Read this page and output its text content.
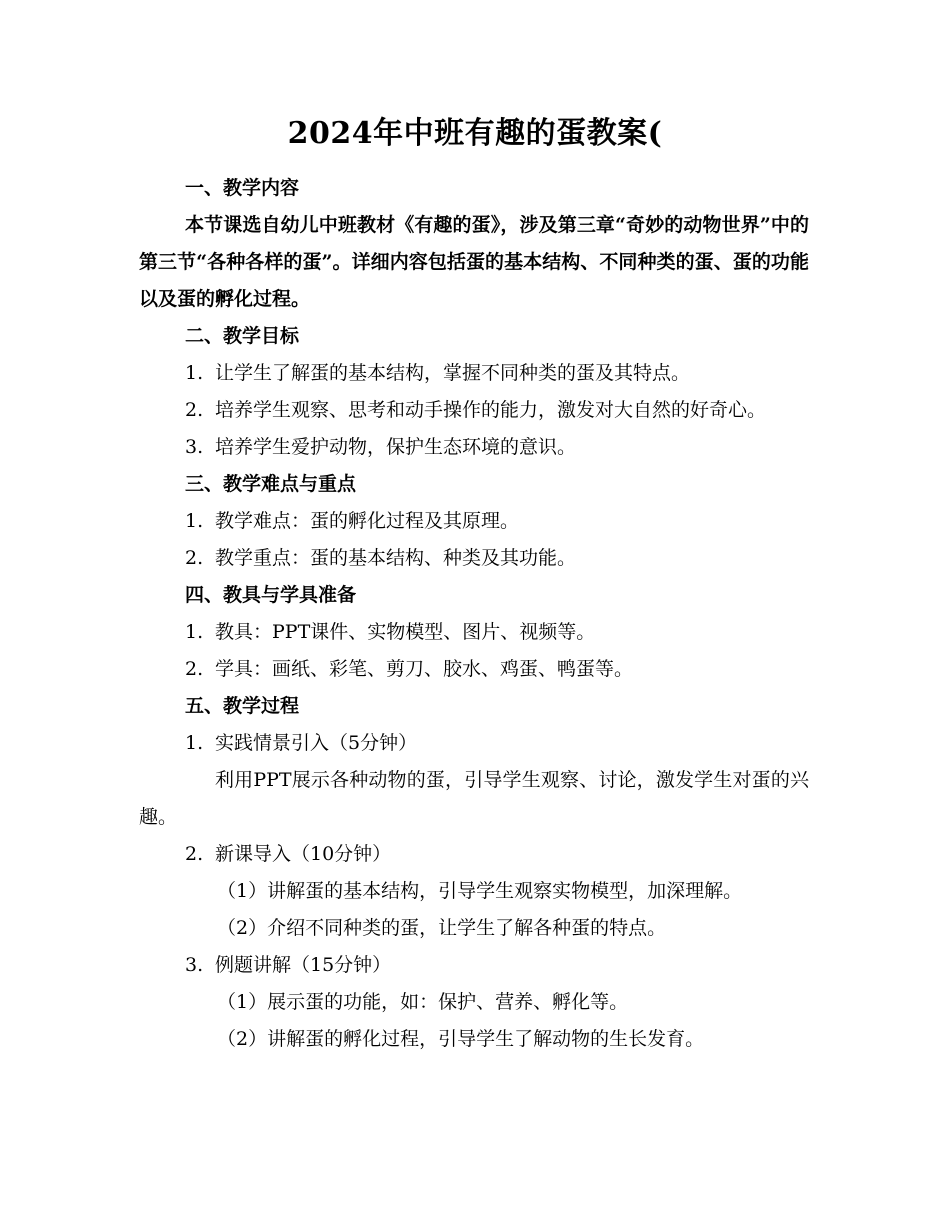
2024年中班有趣的蛋教案(

一、教学内容

本节课选自幼儿中班教材《有趣的蛋》，涉及第三章“奇妙的动物世界”中的第三节“各种各样的蛋”。详细内容包括蛋的基本结构、不同种类的蛋、蛋的功能以及蛋的孵化过程。

二、教学目标

1. 让学生了解蛋的基本结构，掌握不同种类的蛋及其特点。

2. 培养学生观察、思考和动手操作的能力，激发对大自然的好奇心。

3. 培养学生爱护动物，保护生态环境的意识。

三、教学难点与重点

1. 教学难点：蛋的孵化过程及其原理。

2. 教学重点：蛋的基本结构、种类及其功能。

四、教具与学具准备

1. 教具：PPT课件、实物模型、图片、视频等。

2. 学具：画纸、彩笔、剪刀、胶水、鸡蛋、鸭蛋等。

五、教学过程

1. 实践情景引入（5分钟）

利用PPT展示各种动物的蛋，引导学生观察、讨论，激发学生对蛋的兴趣。

2. 新课导入（10分钟）

（1）讲解蛋的基本结构，引导学生观察实物模型，加深理解。

（2）介绍不同种类的蛋，让学生了解各种蛋的特点。

3. 例题讲解（15分钟）

（1）展示蛋的功能，如：保护、营养、孵化等。

（2）讲解蛋的孵化过程，引导学生了解动物的生长发育。
